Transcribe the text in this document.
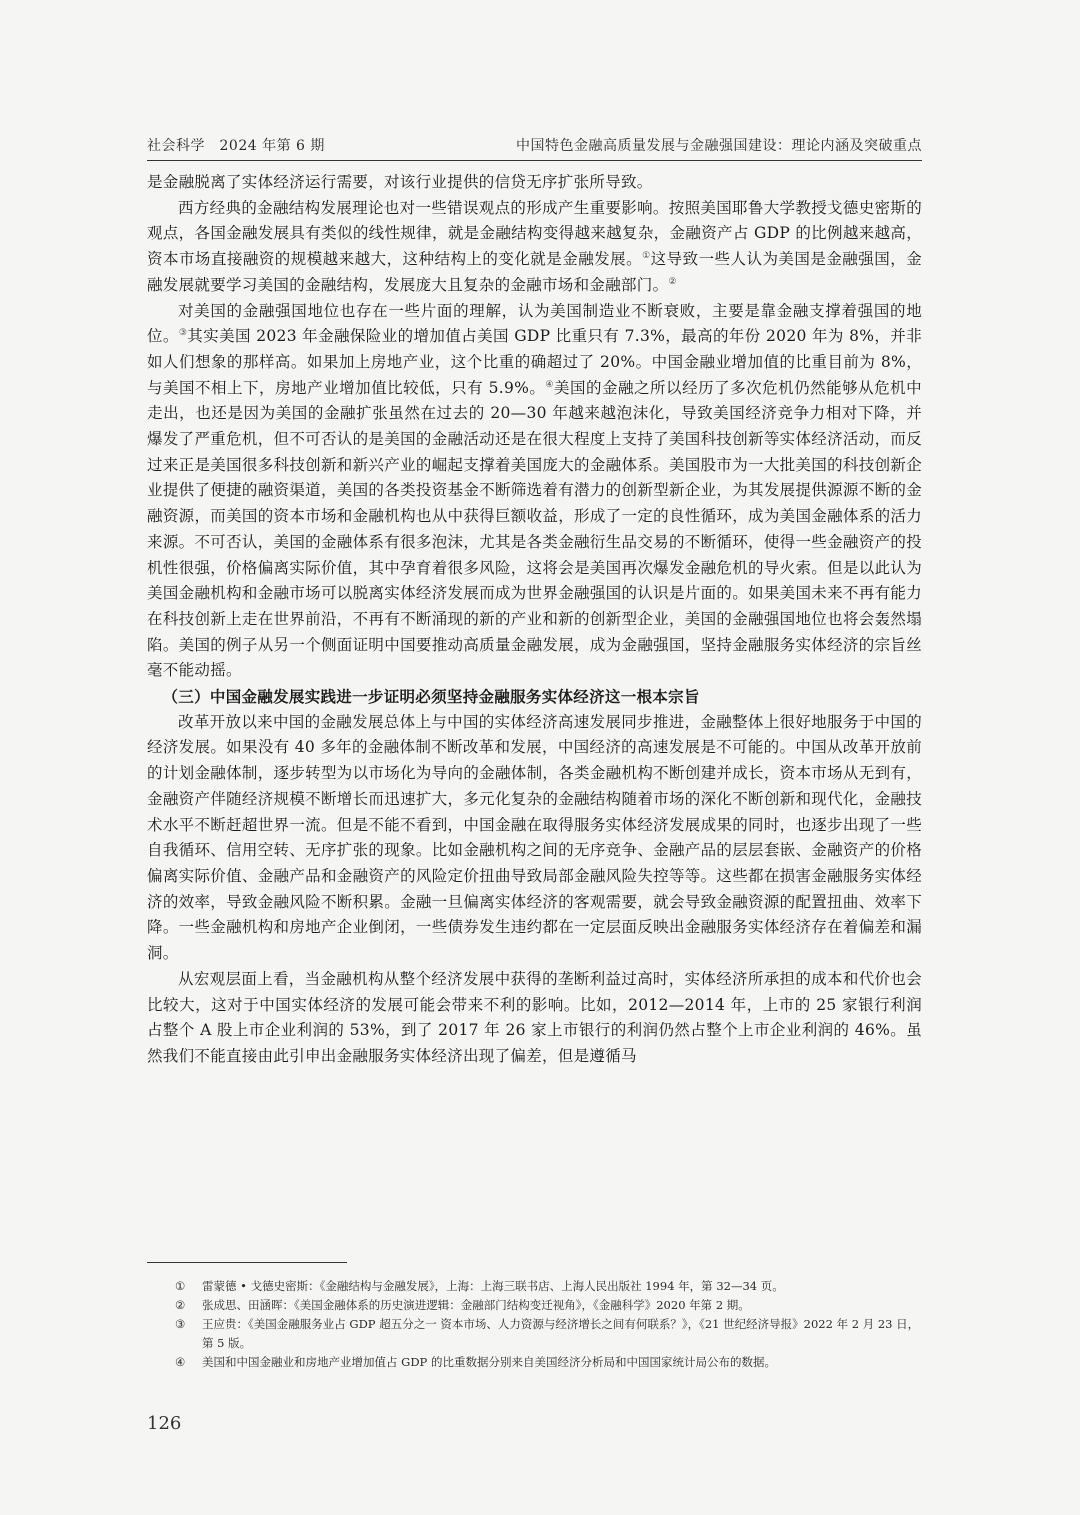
社会科学　2024 年第 6 期	中国特色金融高质量发展与金融强国建设：理论内涵及突破重点

是金融脱离了实体经济运行需要，对该行业提供的信贷无序扩张所导致。

西方经典的金融结构发展理论也对一些错误观点的形成产生重要影响。按照美国耶鲁大学教授戈德史密斯的观点，各国金融发展具有类似的线性规律，就是金融结构变得越来越复杂，金融资产占 GDP 的比例越来越高，资本市场直接融资的规模越来越大，这种结构上的变化就是金融发展。①这导致一些人认为美国是金融强国，金融发展就要学习美国的金融结构，发展庞大且复杂的金融市场和金融部门。②

对美国的金融强国地位也存在一些片面的理解，认为美国制造业不断衰败，主要是靠金融支撑着强国的地位。③其实美国 2023 年金融保险业的增加值占美国 GDP 比重只有 7.3%，最高的年份 2020 年为 8%，并非如人们想象的那样高。如果加上房地产业，这个比重的确超过了 20%。中国金融业增加值的比重目前为 8%，与美国不相上下，房地产业增加值比较低，只有 5.9%。④美国的金融之所以经历了多次危机仍然能够从危机中走出，也还是因为美国的金融扩张虽然在过去的 20—30 年越来越泡沫化，导致美国经济竞争力相对下降，并爆发了严重危机，但不可否认的是美国的金融活动还是在很大程度上支持了美国科技创新等实体经济活动，而反过来正是美国很多科技创新和新兴产业的崛起支撑着美国庞大的金融体系。美国股市为一大批美国的科技创新企业提供了便捷的融资渠道，美国的各类投资基金不断筛选着有潜力的创新型新企业，为其发展提供源源不断的金融资源，而美国的资本市场和金融机构也从中获得巨额收益，形成了一定的良性循环，成为美国金融体系的活力来源。不可否认，美国的金融体系有很多泡沫，尤其是各类金融衍生品交易的不断循环，使得一些金融资产的投机性很强，价格偏离实际价值，其中孕育着很多风险，这将会是美国再次爆发金融危机的导火索。但是以此认为美国金融机构和金融市场可以脱离实体经济发展而成为世界金融强国的认识是片面的。如果美国未来不再有能力在科技创新上走在世界前沿，不再有不断涌现的新的产业和新的创新型企业，美国的金融强国地位也将会轰然塌陷。美国的例子从另一个侧面证明中国要推动高质量金融发展，成为金融强国，坚持金融服务实体经济的宗旨丝毫不能动摇。

（三）中国金融发展实践进一步证明必须坚持金融服务实体经济这一根本宗旨

改革开放以来中国的金融发展总体上与中国的实体经济高速发展同步推进，金融整体上很好地服务于中国的经济发展。如果没有 40 多年的金融体制不断改革和发展，中国经济的高速发展是不可能的。中国从改革开放前的计划金融体制，逐步转型为以市场化为导向的金融体制，各类金融机构不断创建并成长，资本市场从无到有，金融资产伴随经济规模不断增长而迅速扩大，多元化复杂的金融结构随着市场的深化不断创新和现代化，金融技术水平不断赶超世界一流。但是不能不看到，中国金融在取得服务实体经济发展成果的同时，也逐步出现了一些自我循环、信用空转、无序扩张的现象。比如金融机构之间的无序竞争、金融产品的层层套嵌、金融资产的价格偏离实际价值、金融产品和金融资产的风险定价扭曲导致局部金融风险失控等等。这些都在损害金融服务实体经济的效率，导致金融风险不断积累。金融一旦偏离实体经济的客观需要，就会导致金融资源的配置扭曲、效率下降。一些金融机构和房地产企业倒闭，一些债券发生违约都在一定层面反映出金融服务实体经济存在着偏差和漏洞。

从宏观层面上看，当金融机构从整个经济发展中获得的垄断利益过高时，实体经济所承担的成本和代价也会比较大，这对于中国实体经济的发展可能会带来不利的影响。比如，2012—2014 年，上市的 25 家银行利润占整个 A 股上市企业利润的 53%，到了 2017 年 26 家上市银行的利润仍然占整个上市企业利润的 46%。虽然我们不能直接由此引申出金融服务实体经济出现了偏差，但是遵循马

① 雷蒙德 • 戈德史密斯：《金融结构与金融发展》，上海：上海三联书店、上海人民出版社 1994 年，第 32—34 页。

② 张成思、田涵晖：《美国金融体系的历史演进逻辑：金融部门结构变迁视角》，《金融科学》2020 年第 2 期。

③ 王应贵：《美国金融服务业占 GDP 超五分之一 资本市场、人力资源与经济增长之间有何联系？》，《21 世纪经济导报》2022 年 2 月 23 日，第 5 版。

④ 美国和中国金融业和房地产业增加值占 GDP 的比重数据分别来自美国经济分析局和中国国家统计局公布的数据。

126
